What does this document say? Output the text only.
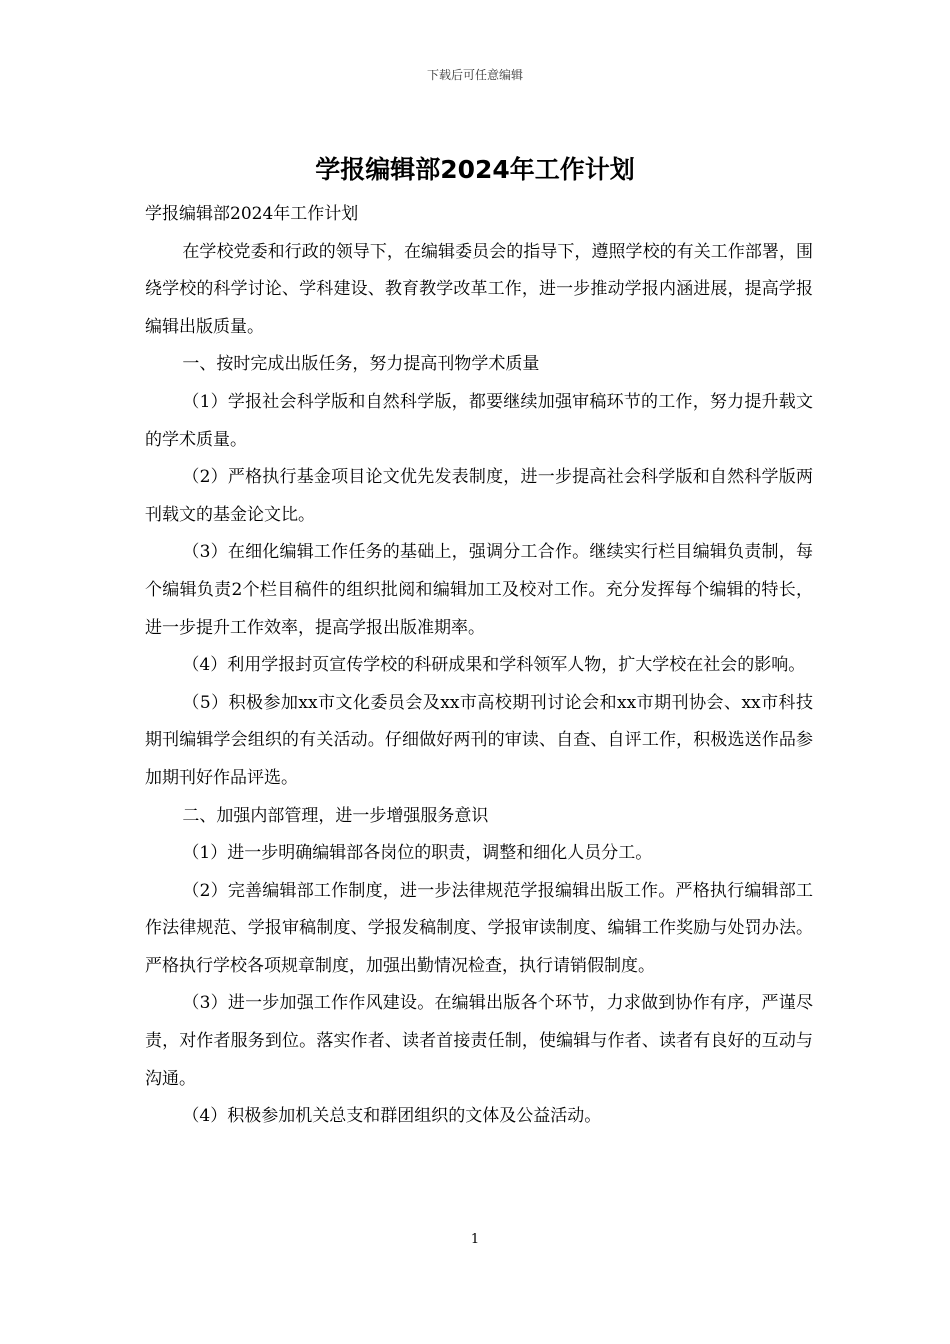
下载后可任意编辑
学报编辑部2024年工作计划

学报编辑部2024年工作计划

在学校党委和行政的领导下，在编辑委员会的指导下，遵照学校的有关工作部署，围绕学校的科学讨论、学科建设、教育教学改革工作，进一步推动学报内涵进展，提高学报编辑出版质量。

一、按时完成出版任务，努力提高刊物学术质量

（1）学报社会科学版和自然科学版，都要继续加强审稿环节的工作，努力提升载文的学术质量。

（2）严格执行基金项目论文优先发表制度，进一步提高社会科学版和自然科学版两刊载文的基金论文比。

（3）在细化编辑工作任务的基础上，强调分工合作。继续实行栏目编辑负责制，每个编辑负责2个栏目稿件的组织批阅和编辑加工及校对工作。充分发挥每个编辑的特长，进一步提升工作效率，提高学报出版准期率。

（4）利用学报封页宣传学校的科研成果和学科领军人物，扩大学校在社会的影响。

（5）积极参加xx市文化委员会及xx市高校期刊讨论会和xx市期刊协会、xx市科技期刊编辑学会组织的有关活动。仔细做好两刊的审读、自查、自评工作，积极选送作品参加期刊好作品评选。

二、加强内部管理，进一步增强服务意识

（1）进一步明确编辑部各岗位的职责，调整和细化人员分工。

（2）完善编辑部工作制度，进一步法律规范学报编辑出版工作。严格执行编辑部工作法律规范、学报审稿制度、学报发稿制度、学报审读制度、编辑工作奖励与处罚办法。严格执行学校各项规章制度，加强出勤情况检查，执行请销假制度。

（3）进一步加强工作作风建设。在编辑出版各个环节，力求做到协作有序，严谨尽责，对作者服务到位。落实作者、读者首接责任制，使编辑与作者、读者有良好的互动与沟通。

（4）积极参加机关总支和群团组织的文体及公益活动。

1
